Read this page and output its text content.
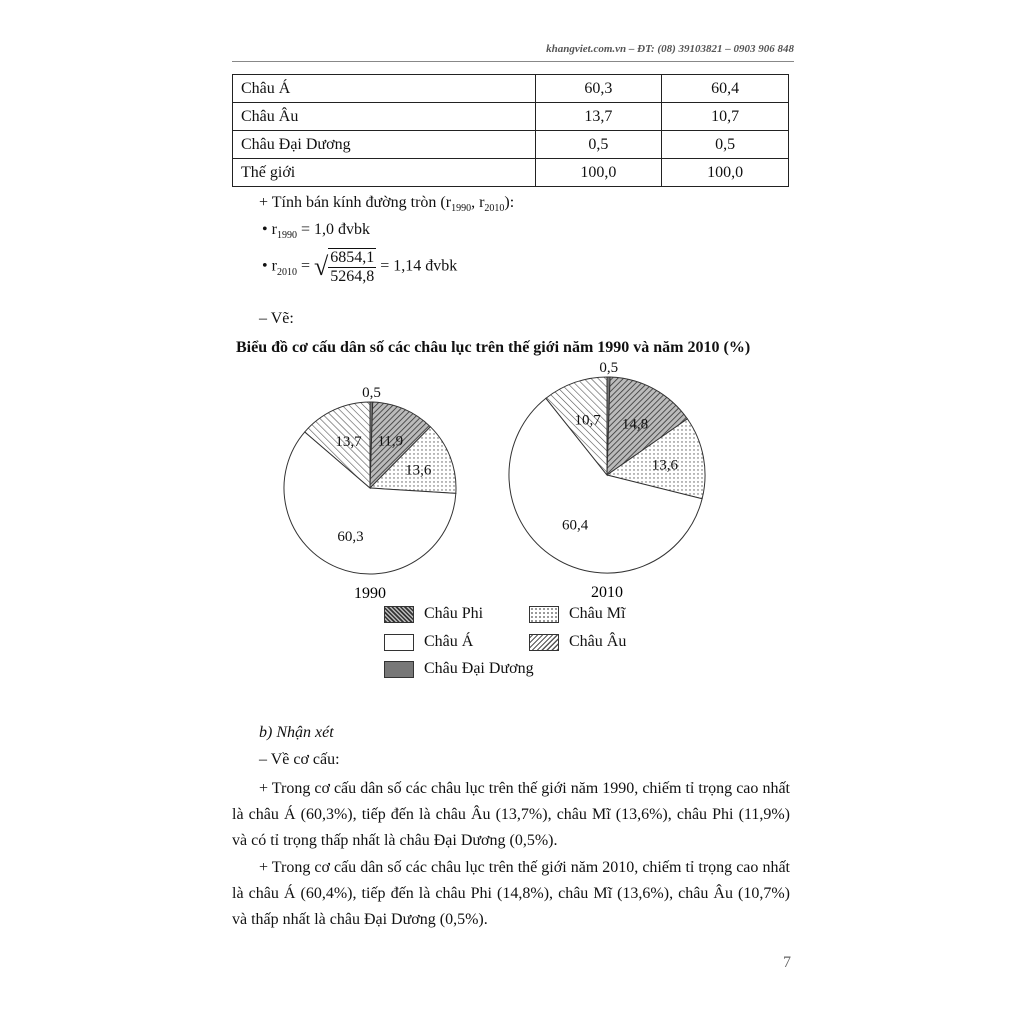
khangviet.com.vn – ĐT: (08) 39103821 – 0903 906 848
Châu Á	60,3	60,4
Châu Âu	13,7	10,7
Châu Đại Dương	0,5	0,5
Thế giới	100,0	100,0
+ Tính bán kính đường tròn ($r_{1990}$, $r_{2010}$):
• $r_{1990} = 1,0$ đvbk
• $r_{2010}$ = √ $\frac{6854,1}{5264,8} = 1,14$ đvbk
– Vẽ:
Biểu đồ cơ cấu dân số các châu lục trên thế giới năm 1990 và năm 2010 (%)
0,5
11,9
13,6
60,3
13,7
1990
0,5
14,8
13,6
60,4
10,7
2010
Châu Phi	Châu Mĩ
Châu Á	Châu Âu
Châu Đại Dương
b) Nhận xét
– Về cơ cấu:

+ Trong cơ cấu dân số các châu lục trên thế giới năm 1990, chiếm tỉ trọng cao nhất là châu Á (60,3%), tiếp đến là châu Âu (13,7%), châu Mĩ (13,6%), châu Phi (11,9%) và có tỉ trọng thấp nhất là châu Đại Dương (0,5%).

+ Trong cơ cấu dân số các châu lục trên thế giới năm 2010, chiếm tỉ trọng cao nhất là châu Á (60,4%), tiếp đến là châu Phi (14,8%), châu Mĩ (13,6%), châu Âu (10,7%) và thấp nhất là châu Đại Dương (0,5%).

7
